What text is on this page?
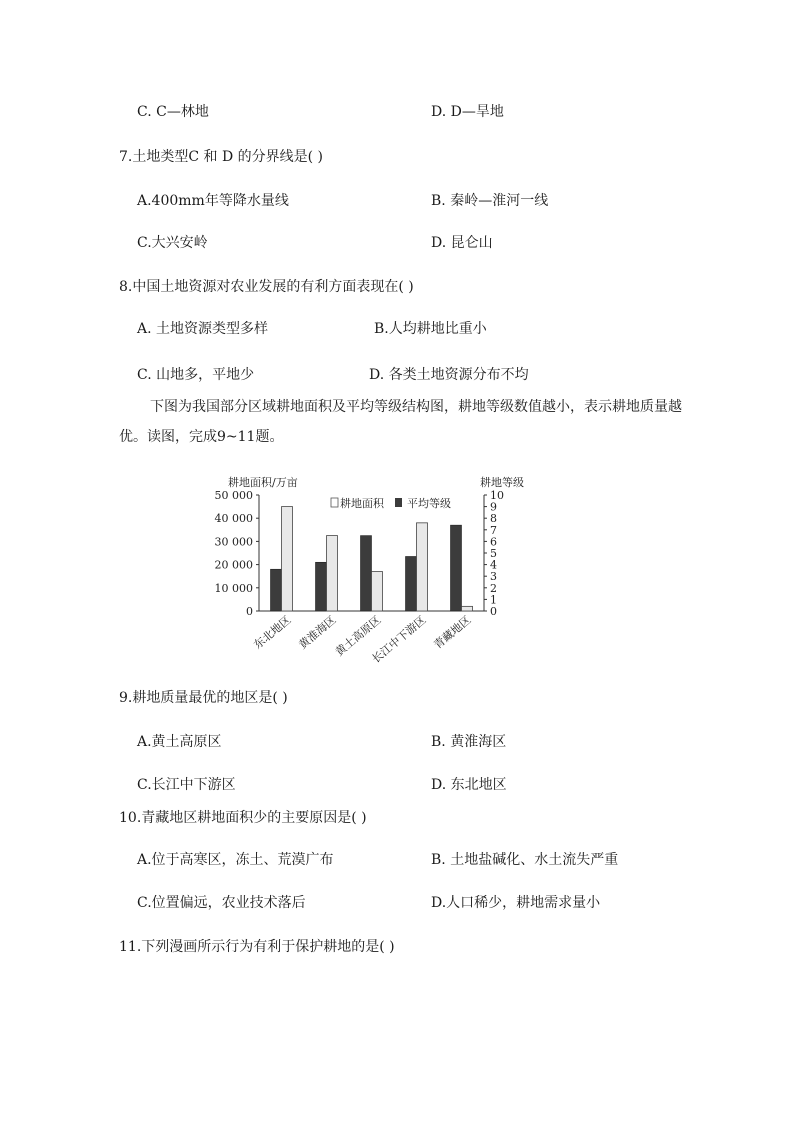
C. C—林地	D. D—旱地
7.土地类型C 和 D 的分界线是( )
A.400mm年等降水量线	B. 秦岭—淮河一线
C.大兴安岭	D. 昆仑山
8.中国土地资源对农业发展的有利方面表现在( )
A. 土地资源类型多样	B.人均耕地比重小
C. 山地多，平地少	D. 各类土地资源分布不均
下图为我国部分区域耕地面积及平均等级结构图，耕地等级数值越小，表示耕地质量越优。读图，完成9~11题。
耕地面积/万亩	耕地等级
耕地面积 平均等级
0
10 000
20 000
30 000
40 000
50 000
0
1
2
3
4
5
6
7
8
9
10
东北地区 黄淮海区
黄土高原区
长江中下游区 青藏地区
9.耕地质量最优的地区是( )
A.黄土高原区	B. 黄淮海区
C.长江中下游区	D. 东北地区
10.青藏地区耕地面积少的主要原因是( )
A.位于高寒区，冻土、荒漠广布	B. 土地盐碱化、水土流失严重
C.位置偏远，农业技术落后	D.人口稀少，耕地需求量小
11.下列漫画所示行为有利于保护耕地的是( )
